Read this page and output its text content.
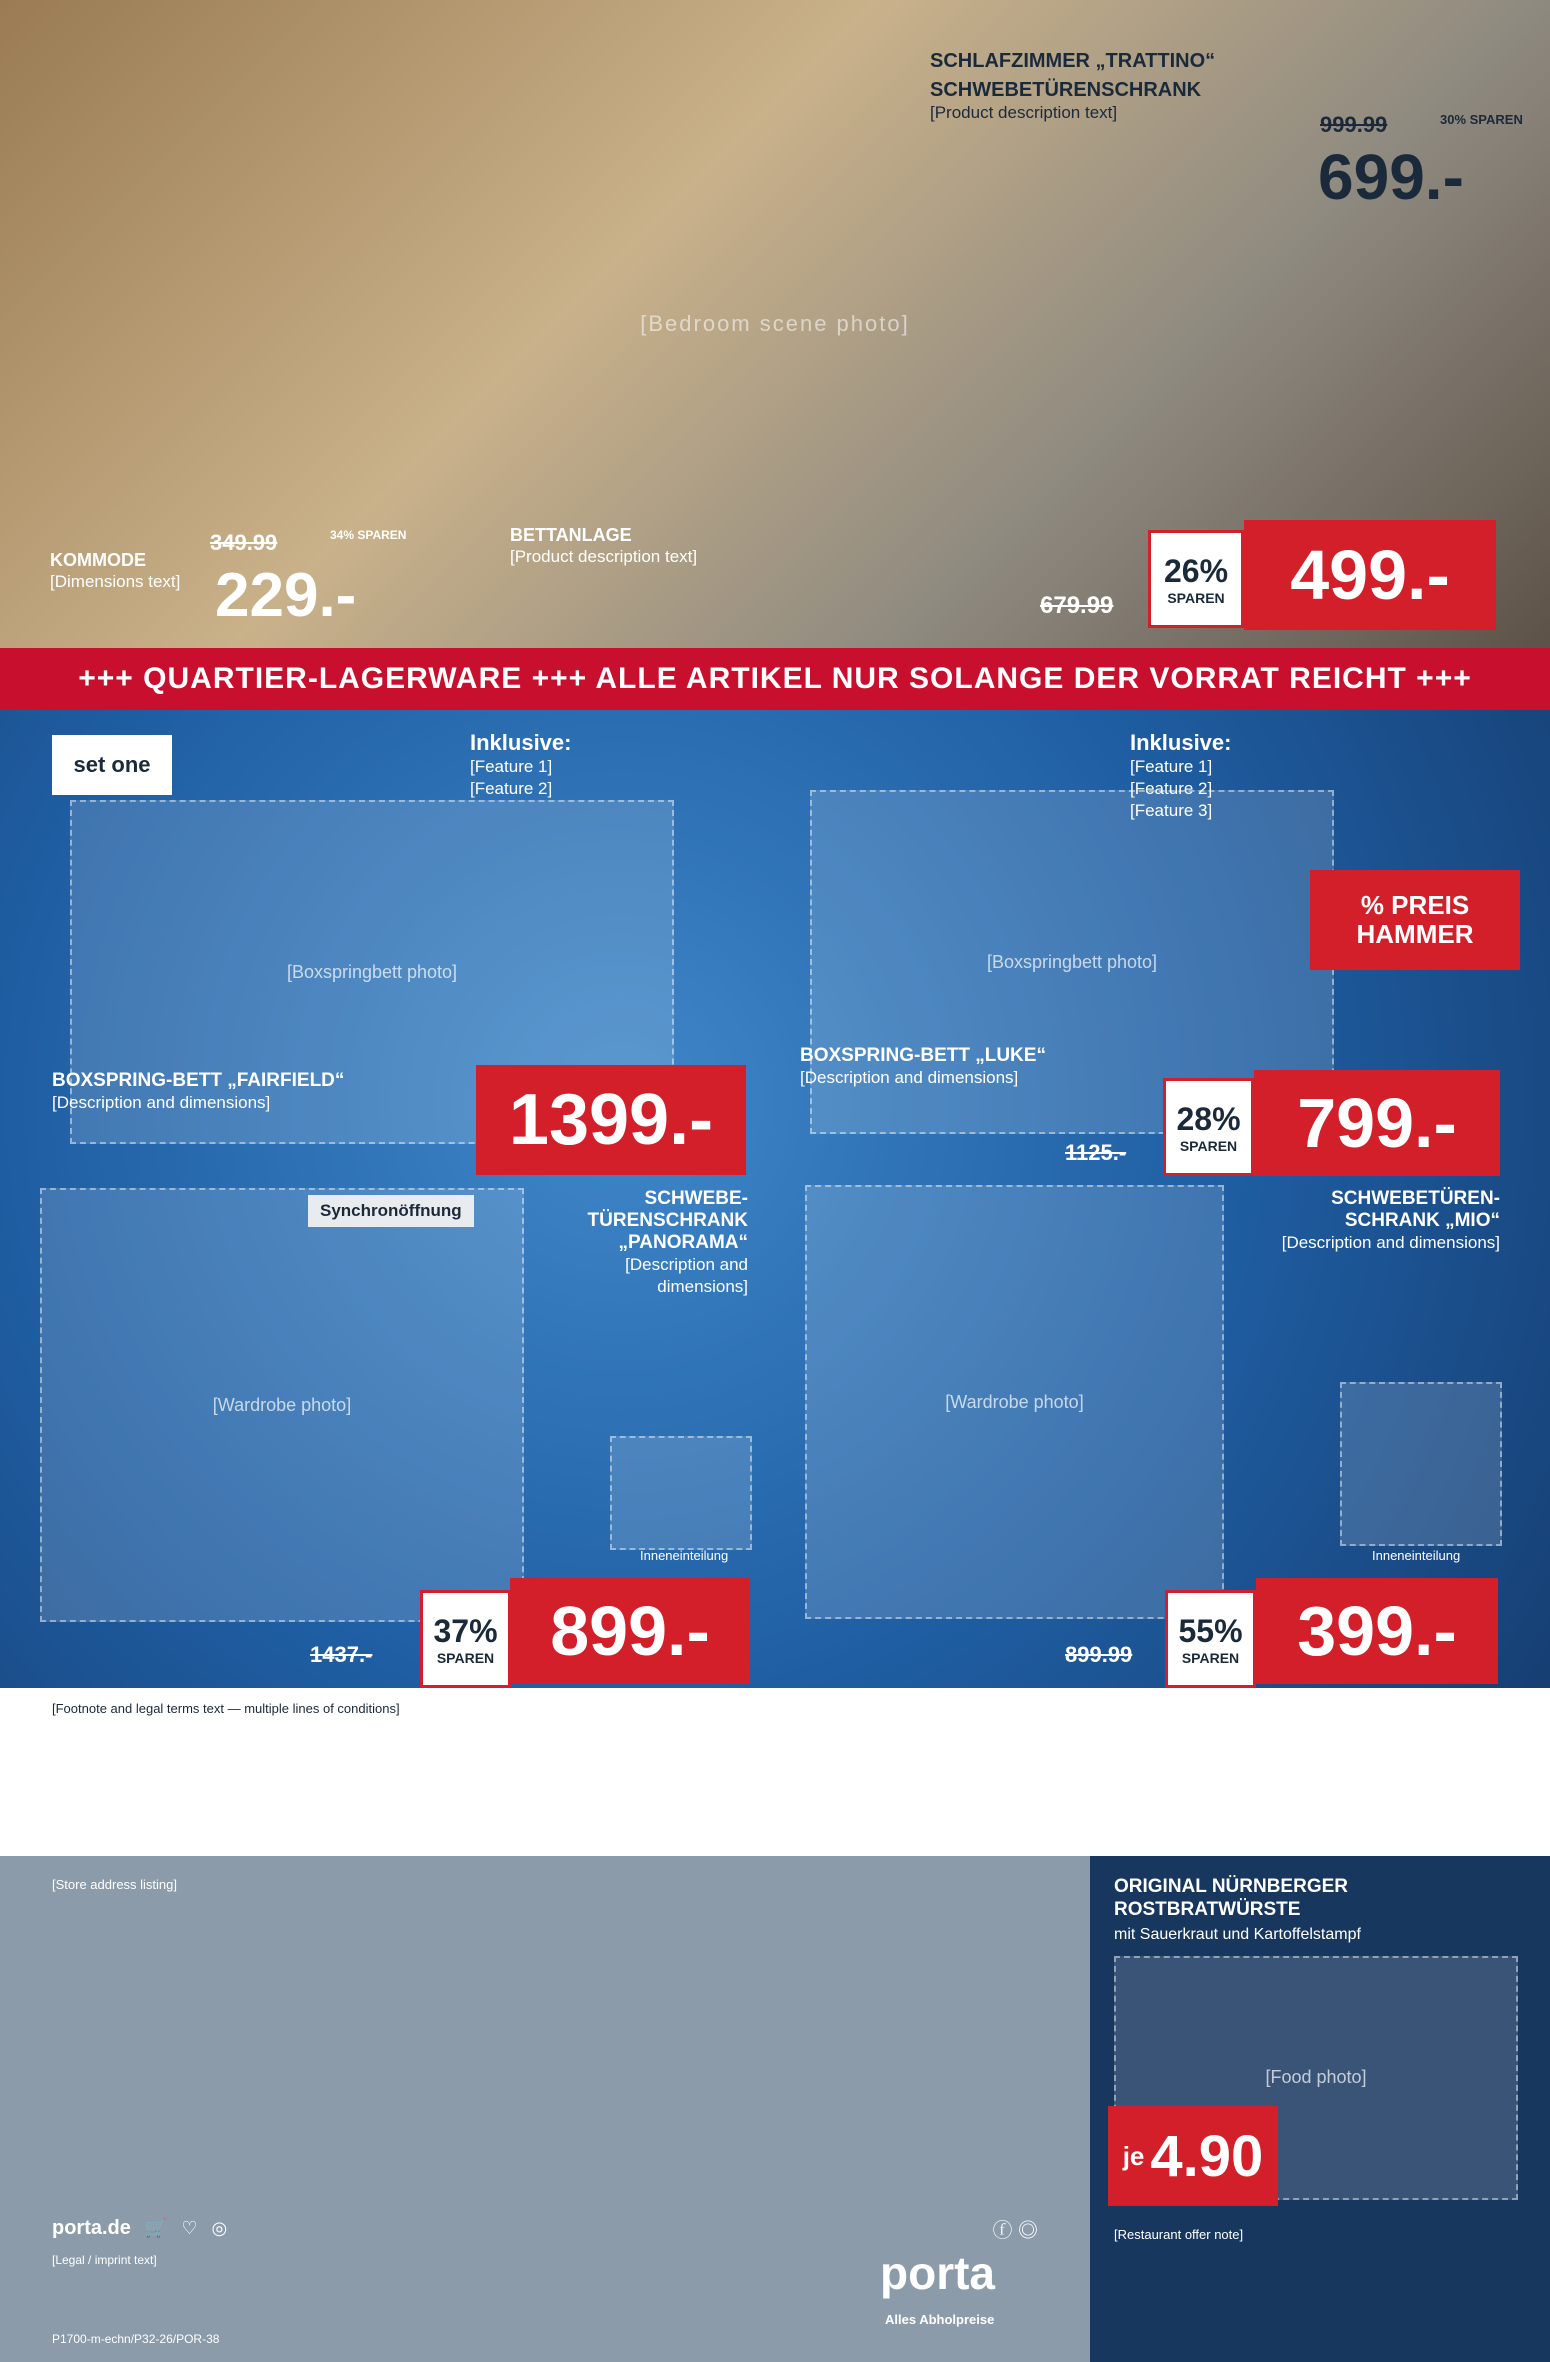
[Bedroom scene photo]
SCHLAFZIMMER „TRATTINO“
SCHWEBETÜRENSCHRANK
[Product description text]	999.99	30% SPAREN
699.-
KOMMODE
[Dimensions text]
349.99	34% SPAREN
229.-
BETTANLAGE
[Product description text]
679.99
26%
SPAREN 499.-
+++ QUARTIER-LAGERWARE +++ ALLE ARTIKEL NUR SOLANGE DER VORRAT REICHT +++
set one
[Boxspringbett photo]
Inklusive:
[Feature 1]
[Feature 2]
BOXSPRING-BETT „FAIRFIELD“
[Description and dimensions]	1399.-
[Boxspringbett photo]
Inklusive:
[Feature 1]
[Feature 2]
[Feature 3]
% PREIS HAMMER
BOXSPRING-BETT „LUKE“
[Description and dimensions]
1125.-
28%
SPAREN 799.-
[Wardrobe photo]
Synchronöffnung
SCHWEBE-TÜRENSCHRANK „PANORAMA“
[Description and dimensions]
Inneneinteilung
1437.-
37%
SPAREN 899.-
[Wardrobe photo]
SCHWEBETÜREN-SCHRANK „MIO“
[Description and dimensions]
Inneneinteilung
899.99
55%
SPAREN 399.-
[Footnote and legal terms text — multiple lines of conditions]
[Store address listing]
porta.de 🛒 ♡ ◎	ⓕ ◎
[Legal / imprint text]	porta
Alles Abholpreise
P1700-m-echn/P32-26/POR-38
ORIGINAL NÜRNBERGER ROSTBRATWÜRSTE
mit Sauerkraut und Kartoffelstampf
[Food photo]
je 4.90
[Restaurant offer note]
